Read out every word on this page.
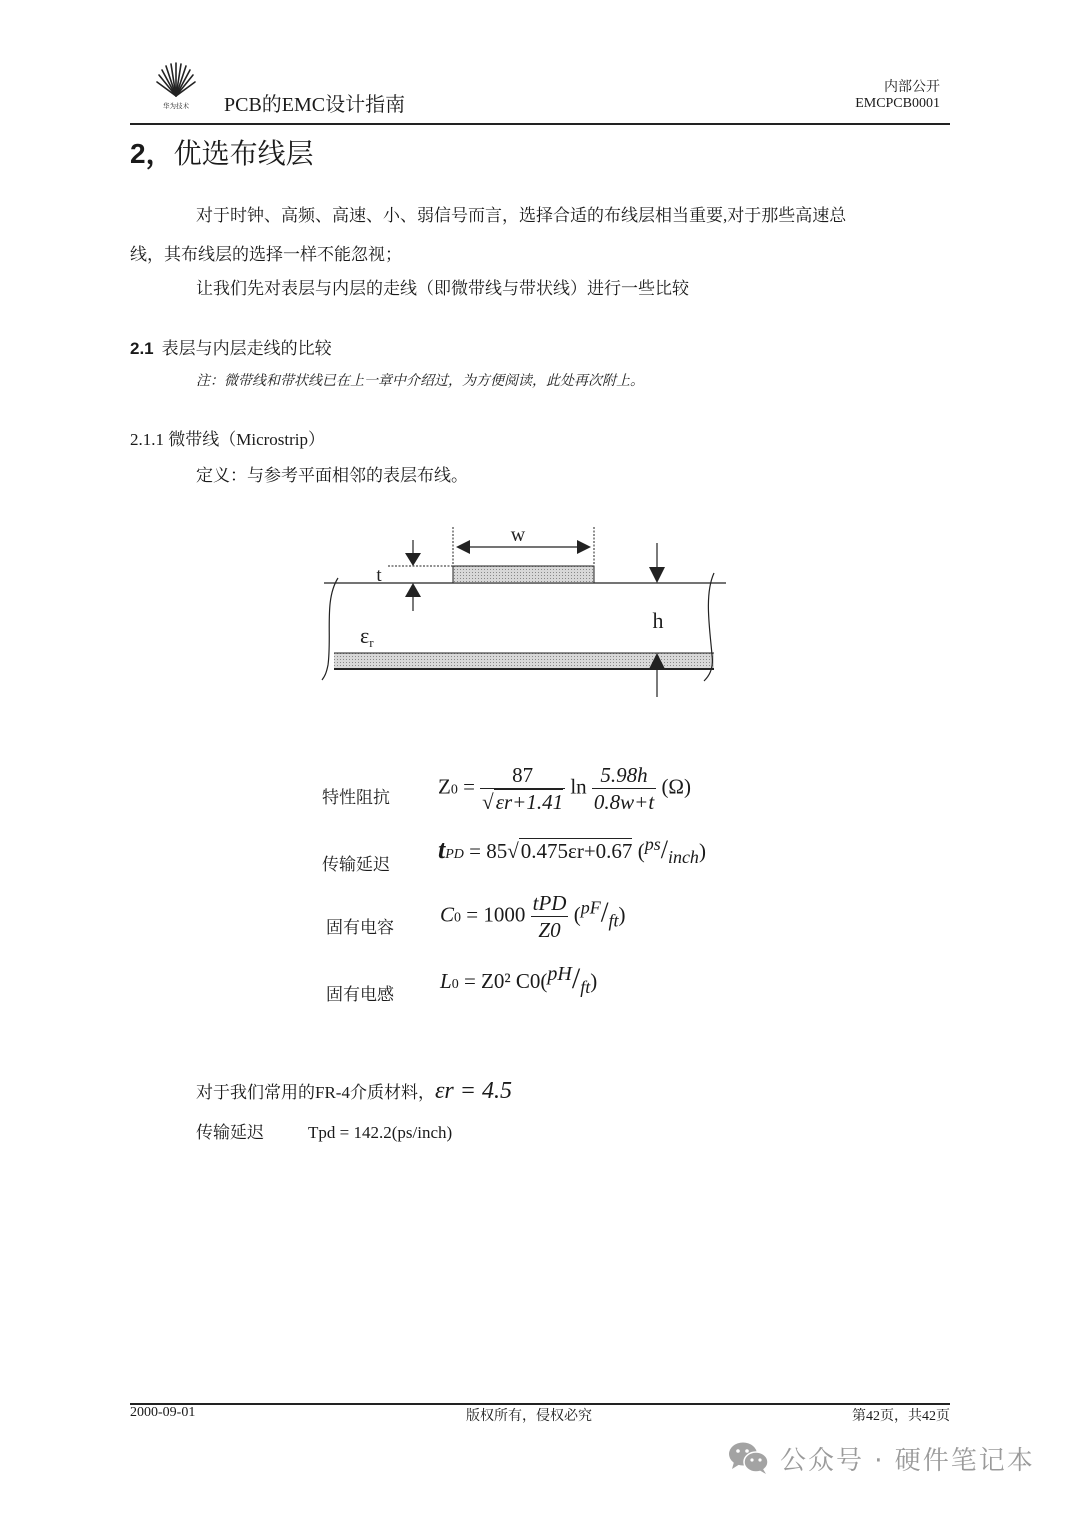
华为技术 PCB的EMC设计指南
内部公开
EMCPCB0001
2，优选布线层
对于时钟、高频、高速、小、弱信号而言，选择合适的布线层相当重要,对于那些高速总
线，其布线层的选择一样不能忽视；
让我们先对表层与内层的走线（即微带线与带状线）进行一些比较
2.1 表层与内层走线的比较
注：微带线和带状线已在上一章中介绍过，为方便阅读，此处再次附上。
2.1.1 微带线（Microstrip）
定义：与参考平面相邻的表层布线。
w
t
h
εr
特性阻抗 $Z0 = \frac{87}{√\varepsilon r+1.41}$ $\ln \frac{5.98h}{0.8w+t} (\Omega)$
传输延迟
tPD = 85√0.475εr+0.67 $(^{ps}/_{inch})$
固有电容
$C0 = 1000 \frac{\text{tPD}}{Z0} (^{pF}/_{ft})$
固有电感
L0 = Z0² $C0(^{pH}/_{ft})$
对于我们常用的FR-4介质材料，εr = 4.5
传输延迟	Tpd = 142.2(ps/inch)
2000-09-01	版权所有，侵权必究	第42页，共42页
公众号 · 硬件笔记本
